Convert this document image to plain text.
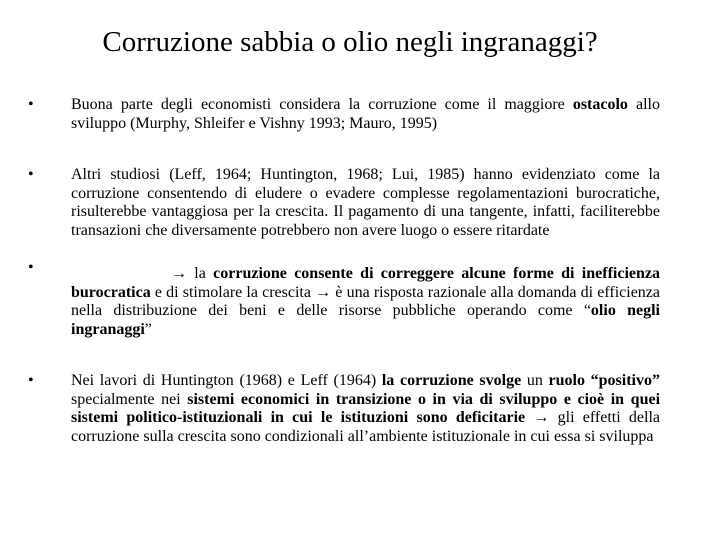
Corruzione sabbia o olio negli ingranaggi?
• Buona parte degli economisti considera la corruzione come il maggiore ostacolo allo sviluppo (Murphy, Shleifer e Vishny 1993; Mauro, 1995)

• Altri studiosi (Leff, 1964; Huntington, 1968; Lui, 1985) hanno evidenziato come la corruzione consentendo di eludere o evadere complesse regolamentazioni burocratiche, risulterebbe vantaggiosa per la crescita. Il pagamento di una tangente, infatti, faciliterebbe transazioni che diversamente potrebbero non avere luogo o essere ritardate

•	→ la corruzione consente di correggere alcune forme di inefficienza burocratica e di stimolare la crescita → è una risposta razionale alla domanda di efficienza nella distribuzione dei beni e delle risorse pubbliche operando come “olio negli ingranaggi”

• Nei lavori di Huntington (1968) e Leff (1964) la corruzione svolge un ruolo “positivo” specialmente nei sistemi economici in transizione o in via di sviluppo e cioè in quei sistemi politico-istituzionali in cui le istituzioni sono deficitarie → gli effetti della corruzione sulla crescita sono condizionali all’ambiente istituzionale in cui essa si sviluppa
